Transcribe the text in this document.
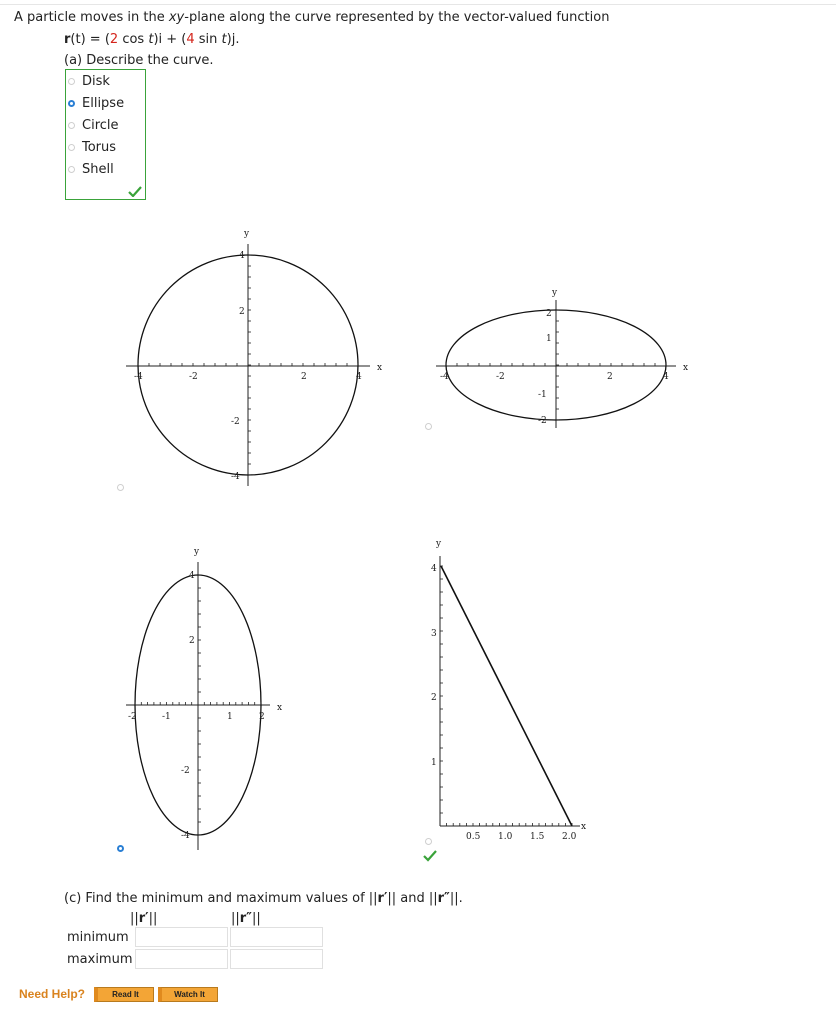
A particle moves in the xy-plane along the curve represented by the vector-valued function
r(t) = (2 cos t)i + (4 sin t)j.
(a) Describe the curve.
Disk
Ellipse
Circle
Torus
Shell
x
y
-4	-2	2	4
4
2
-2
-4
x
y
-4	-2	2	4
2
1
-1
-2
x
y
-2	-1	1	2
4
2
-2
-4
x
y
0.5 1.0 1.5 2.0
4
3
2
1
(c) Find the minimum and maximum values of ||r′|| and ||r″||.
||r′||	||r″||
minimum
maximum
Need Help?	Read It	Watch It
